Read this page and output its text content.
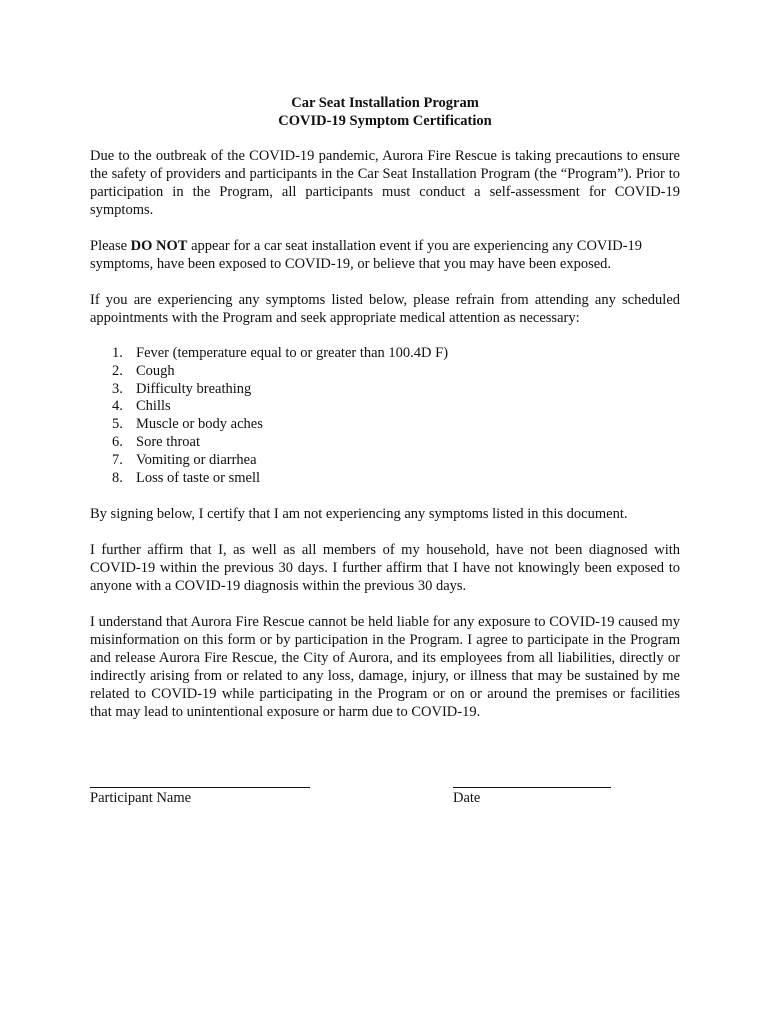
Car Seat Installation Program
COVID-19 Symptom Certification

Due to the outbreak of the COVID-19 pandemic, Aurora Fire Rescue is taking precautions to ensure the safety of providers and participants in the Car Seat Installation Program (the “Program”). Prior to participation in the Program, all participants must conduct a self-assessment for COVID-19 symptoms.

Please DO NOT appear for a car seat installation event if you are experiencing any COVID-19 symptoms, have been exposed to COVID-19, or believe that you may have been exposed.

If you are experiencing any symptoms listed below, please refrain from attending any scheduled appointments with the Program and seek appropriate medical attention as necessary:

1. Fever (temperature equal to or greater than 100.4D F)
2. Cough
3. Difficulty breathing
4. Chills
5. Muscle or body aches
6. Sore throat
7. Vomiting or diarrhea
8. Loss of taste or smell

By signing below, I certify that I am not experiencing any symptoms listed in this document.

I further affirm that I, as well as all members of my household, have not been diagnosed with COVID-19 within the previous 30 days. I further affirm that I have not knowingly been exposed to anyone with a COVID-19 diagnosis within the previous 30 days.

I understand that Aurora Fire Rescue cannot be held liable for any exposure to COVID-19 caused my misinformation on this form or by participation in the Program. I agree to participate in the Program and release Aurora Fire Rescue, the City of Aurora, and its employees from all liabilities, directly or indirectly arising from or related to any loss, damage, injury, or illness that may be sustained by me related to COVID-19 while participating in the Program or on or around the premises or facilities that may lead to unintentional exposure or harm due to COVID-19.

Participant Name	Date
